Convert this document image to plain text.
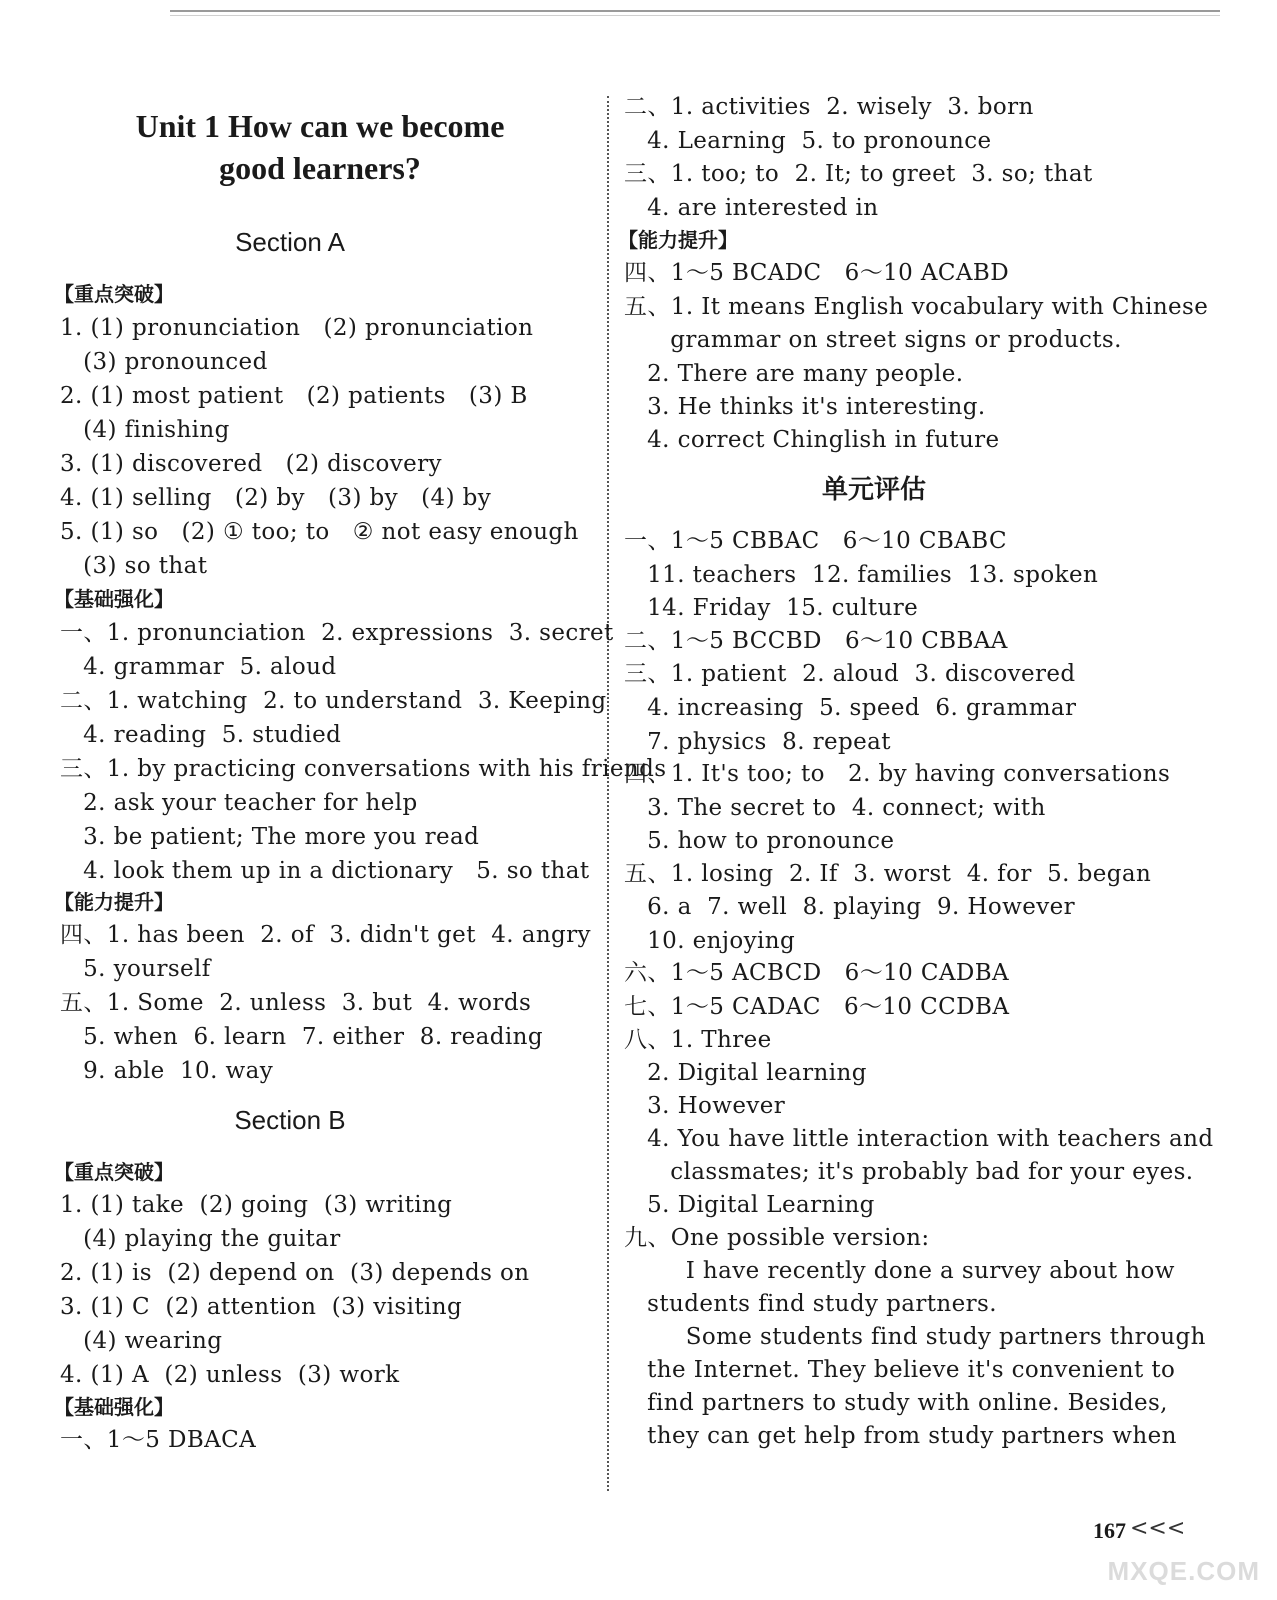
Unit 1 How can we become
good learners?
Section A
【重点突破】
1. (1) pronunciation   (2) pronunciation
(3) pronounced
2. (1) most patient   (2) patients   (3) B
(4) finishing
3. (1) discovered   (2) discovery
4. (1) selling   (2) by   (3) by   (4) by
5. (1) so   (2) ① too; to   ② not easy enough
(3) so that
【基础强化】
一、1. pronunciation  2. expressions  3. secret
4. grammar  5. aloud
二、1. watching  2. to understand  3. Keeping
4. reading  5. studied
三、1. by practicing conversations with his friends
2. ask your teacher for help
3. be patient; The more you read
4. look them up in a dictionary   5. so that
【能力提升】
四、1. has been  2. of  3. didn't get  4. angry
5. yourself
五、1. Some  2. unless  3. but  4. words
5. when  6. learn  7. either  8. reading
9. able  10. way
Section B
【重点突破】
1. (1) take  (2) going  (3) writing
(4) playing the guitar
2. (1) is  (2) depend on  (3) depends on
3. (1) C  (2) attention  (3) visiting
(4) wearing
4. (1) A  (2) unless  (3) work
【基础强化】
一、1～5 DBACA
二、1. activities  2. wisely  3. born
4. Learning  5. to pronounce
三、1. too; to  2. It; to greet  3. so; that
4. are interested in
【能力提升】
四、1～5 BCADC   6～10 ACABD
五、1. It means English vocabulary with Chinese
grammar on street signs or products.
2. There are many people.
3. He thinks it's interesting.
4. correct Chinglish in future
单元评估
一、1～5 CBBAC   6～10 CBABC
11. teachers  12. families  13. spoken
14. Friday  15. culture
二、1～5 BCCBD   6～10 CBBAA
三、1. patient  2. aloud  3. discovered
4. increasing  5. speed  6. grammar
7. physics  8. repeat
四、1. It's too; to   2. by having conversations
3. The secret to  4. connect; with
5. how to pronounce
五、1. losing  2. If  3. worst  4. for  5. began
6. a  7. well  8. playing  9. However
10. enjoying
六、1～5 ACBCD   6～10 CADBA
七、1～5 CADAC   6～10 CCDBA
八、1. Three
2. Digital learning
3. However
4. You have little interaction with teachers and
classmates; it's probably bad for your eyes.
5. Digital Learning
九、One possible version:
I have recently done a survey about how
students find study partners.
Some students find study partners through
the Internet. They believe it's convenient to
find partners to study with online. Besides,
they can get help from study partners when
167 <<<
MXQE.COM
